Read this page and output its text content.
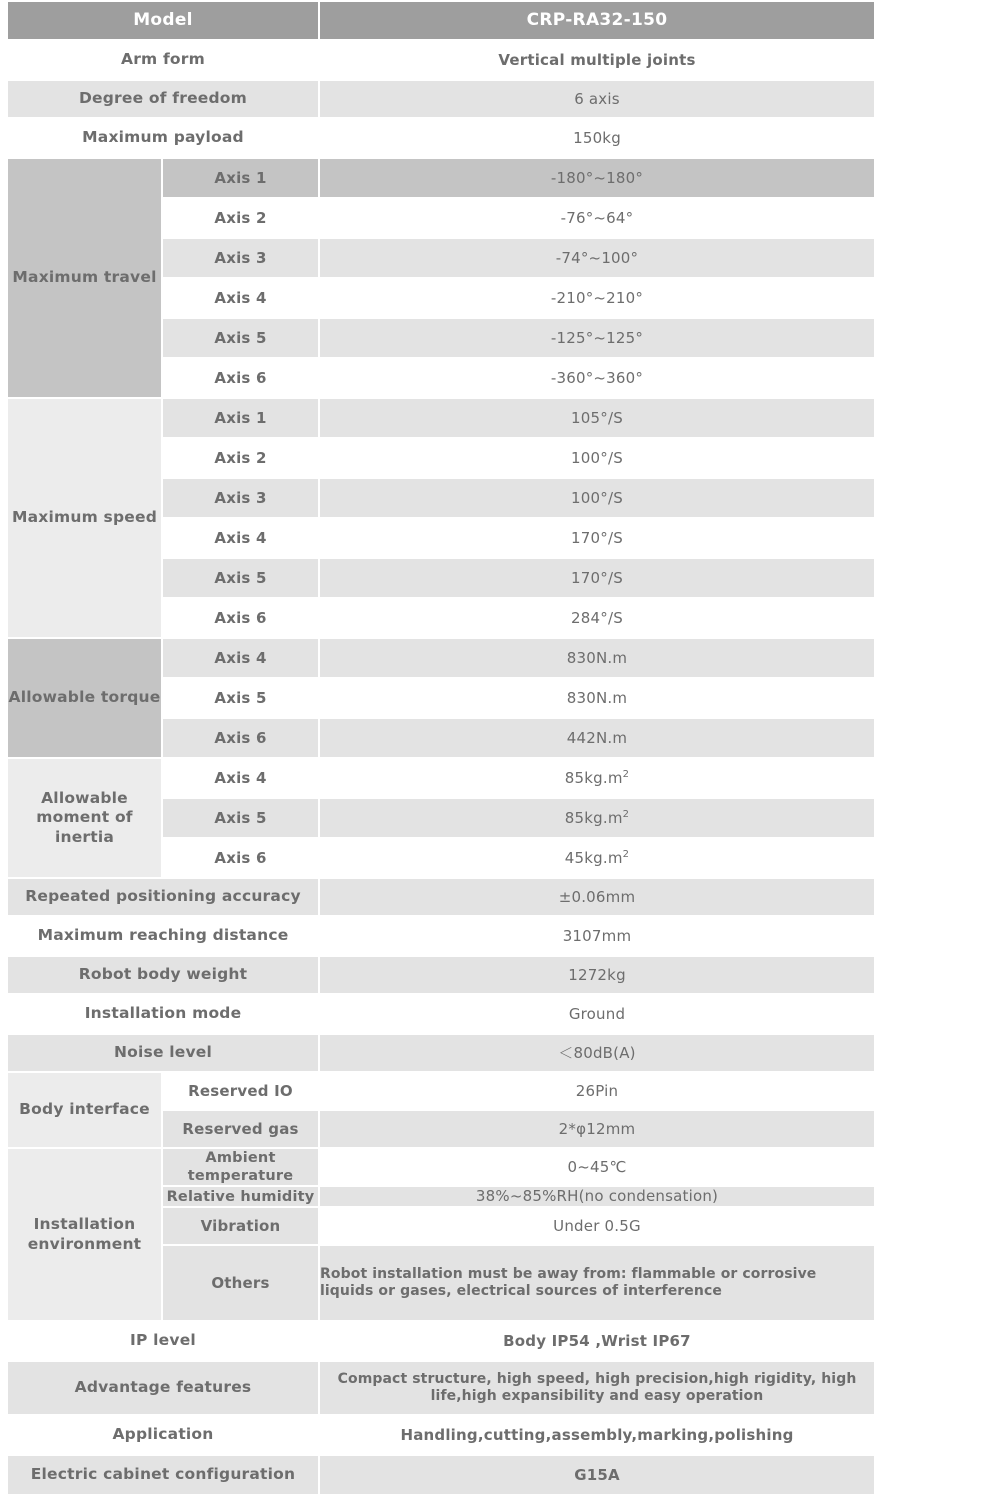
Model		CRP-RA32-150
Arm form		Vertical multiple joints
Degree of freedom		6 axis
Maximum payload		150kg
Maximum travel	Axis 1	-180°~180°
	Axis 2	-76°~64°
	Axis 3	-74°~100°
	Axis 4	-210°~210°
	Axis 5	-125°~125°
	Axis 6	-360°~360°
Maximum speed	Axis 1	105°/S
	Axis 2	100°/S
	Axis 3	100°/S
	Axis 4	170°/S
	Axis 5	170°/S
	Axis 6	284°/S
Allowable torque	Axis 4	830N.m
	Axis 5	830N.m
	Axis 6	442N.m
Allowable moment of inertia	Axis 4	$85kg.m^2$
	Axis 5	$85kg.m^2$
	Axis 6	$45kg.m^2$
Repeated positioning accuracy		±0.06mm
Maximum reaching distance		3107mm
Robot body weight		1272kg
Installation mode		Ground
Noise level		＜80dB(A)
Body interface	Reserved IO	26Pin
	Reserved gas	2*φ12mm
Installation environment	Ambient temperature	0~45℃
	Relative humidity	38%~85%RH(no condensation)
	Vibration	Under 0.5G
	Others	Robot installation must be away from: flammable or corrosive liquids or gases, electrical sources of interference
IP level		Body IP54 ,Wrist IP67
Advantage features		Compact structure, high speed, high precision,high rigidity, high life,high expansibility and easy operation
Application		Handling,cutting,assembly,marking,polishing
Electric cabinet configuration		G15A
